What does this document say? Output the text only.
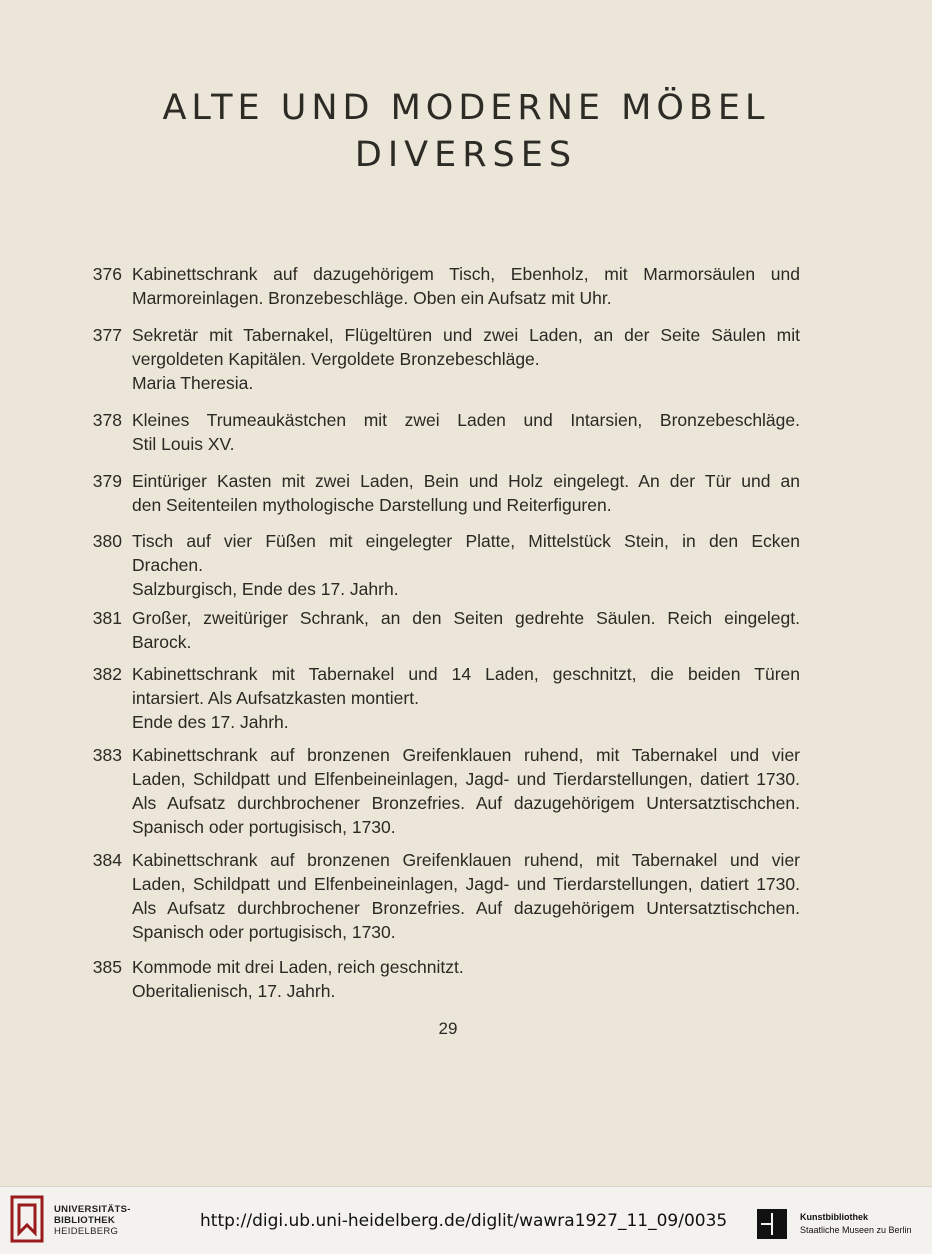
ALTE UND MODERNE MÖBEL
DIVERSES
376 Kabinettschrank auf dazugehörigem Tisch, Ebenholz, mit Marmorsäulen und
Marmoreinlagen. Bronzebeschläge. Oben ein Aufsatz mit Uhr.
377 Sekretär mit Tabernakel, Flügeltüren und zwei Laden, an der Seite Säulen mit
vergoldeten Kapitälen. Vergoldete Bronzebeschläge.
Maria Theresia.
378 Kleines Trumeaukästchen mit zwei Laden und Intarsien, Bronzebeschläge.
Stil Louis XV.
379 Eintüriger Kasten mit zwei Laden, Bein und Holz eingelegt. An der Tür und an
den Seitenteilen mythologische Darstellung und Reiterfiguren.
380 Tisch auf vier Füßen mit eingelegter Platte, Mittelstück Stein, in den Ecken
Drachen.
Salzburgisch, Ende des 17. Jahrh.
381 Großer, zweitüriger Schrank, an den Seiten gedrehte Säulen. Reich eingelegt.
Barock.
382 Kabinettschrank mit Tabernakel und 14 Laden, geschnitzt, die beiden Türen
intarsiert. Als Aufsatzkasten montiert.
Ende des 17. Jahrh.
383 Kabinettschrank auf bronzenen Greifenklauen ruhend, mit Tabernakel und vier
Laden, Schildpatt und Elfenbeineinlagen, Jagd- und Tierdarstellungen, datiert 1730.
Als Aufsatz durchbrochener Bronzefries. Auf dazugehörigem Untersatztischchen.
Spanisch oder portugisisch, 1730.
384 Kabinettschrank auf bronzenen Greifenklauen ruhend, mit Tabernakel und vier
Laden, Schildpatt und Elfenbeineinlagen, Jagd- und Tierdarstellungen, datiert 1730.
Als Aufsatz durchbrochener Bronzefries. Auf dazugehörigem Untersatztischchen.
Spanisch oder portugisisch, 1730.
385 Kommode mit drei Laden, reich geschnitzt.
Oberitalienisch, 17. Jahrh.
29
UNIVERSITÄTS-
BIBLIOTHEK
HEIDELBERG
http://digi.ub.uni-heidelberg.de/diglit/wawra1927_11_09/0035	Kunstbibliothek
Staatliche Museen zu Berlin
